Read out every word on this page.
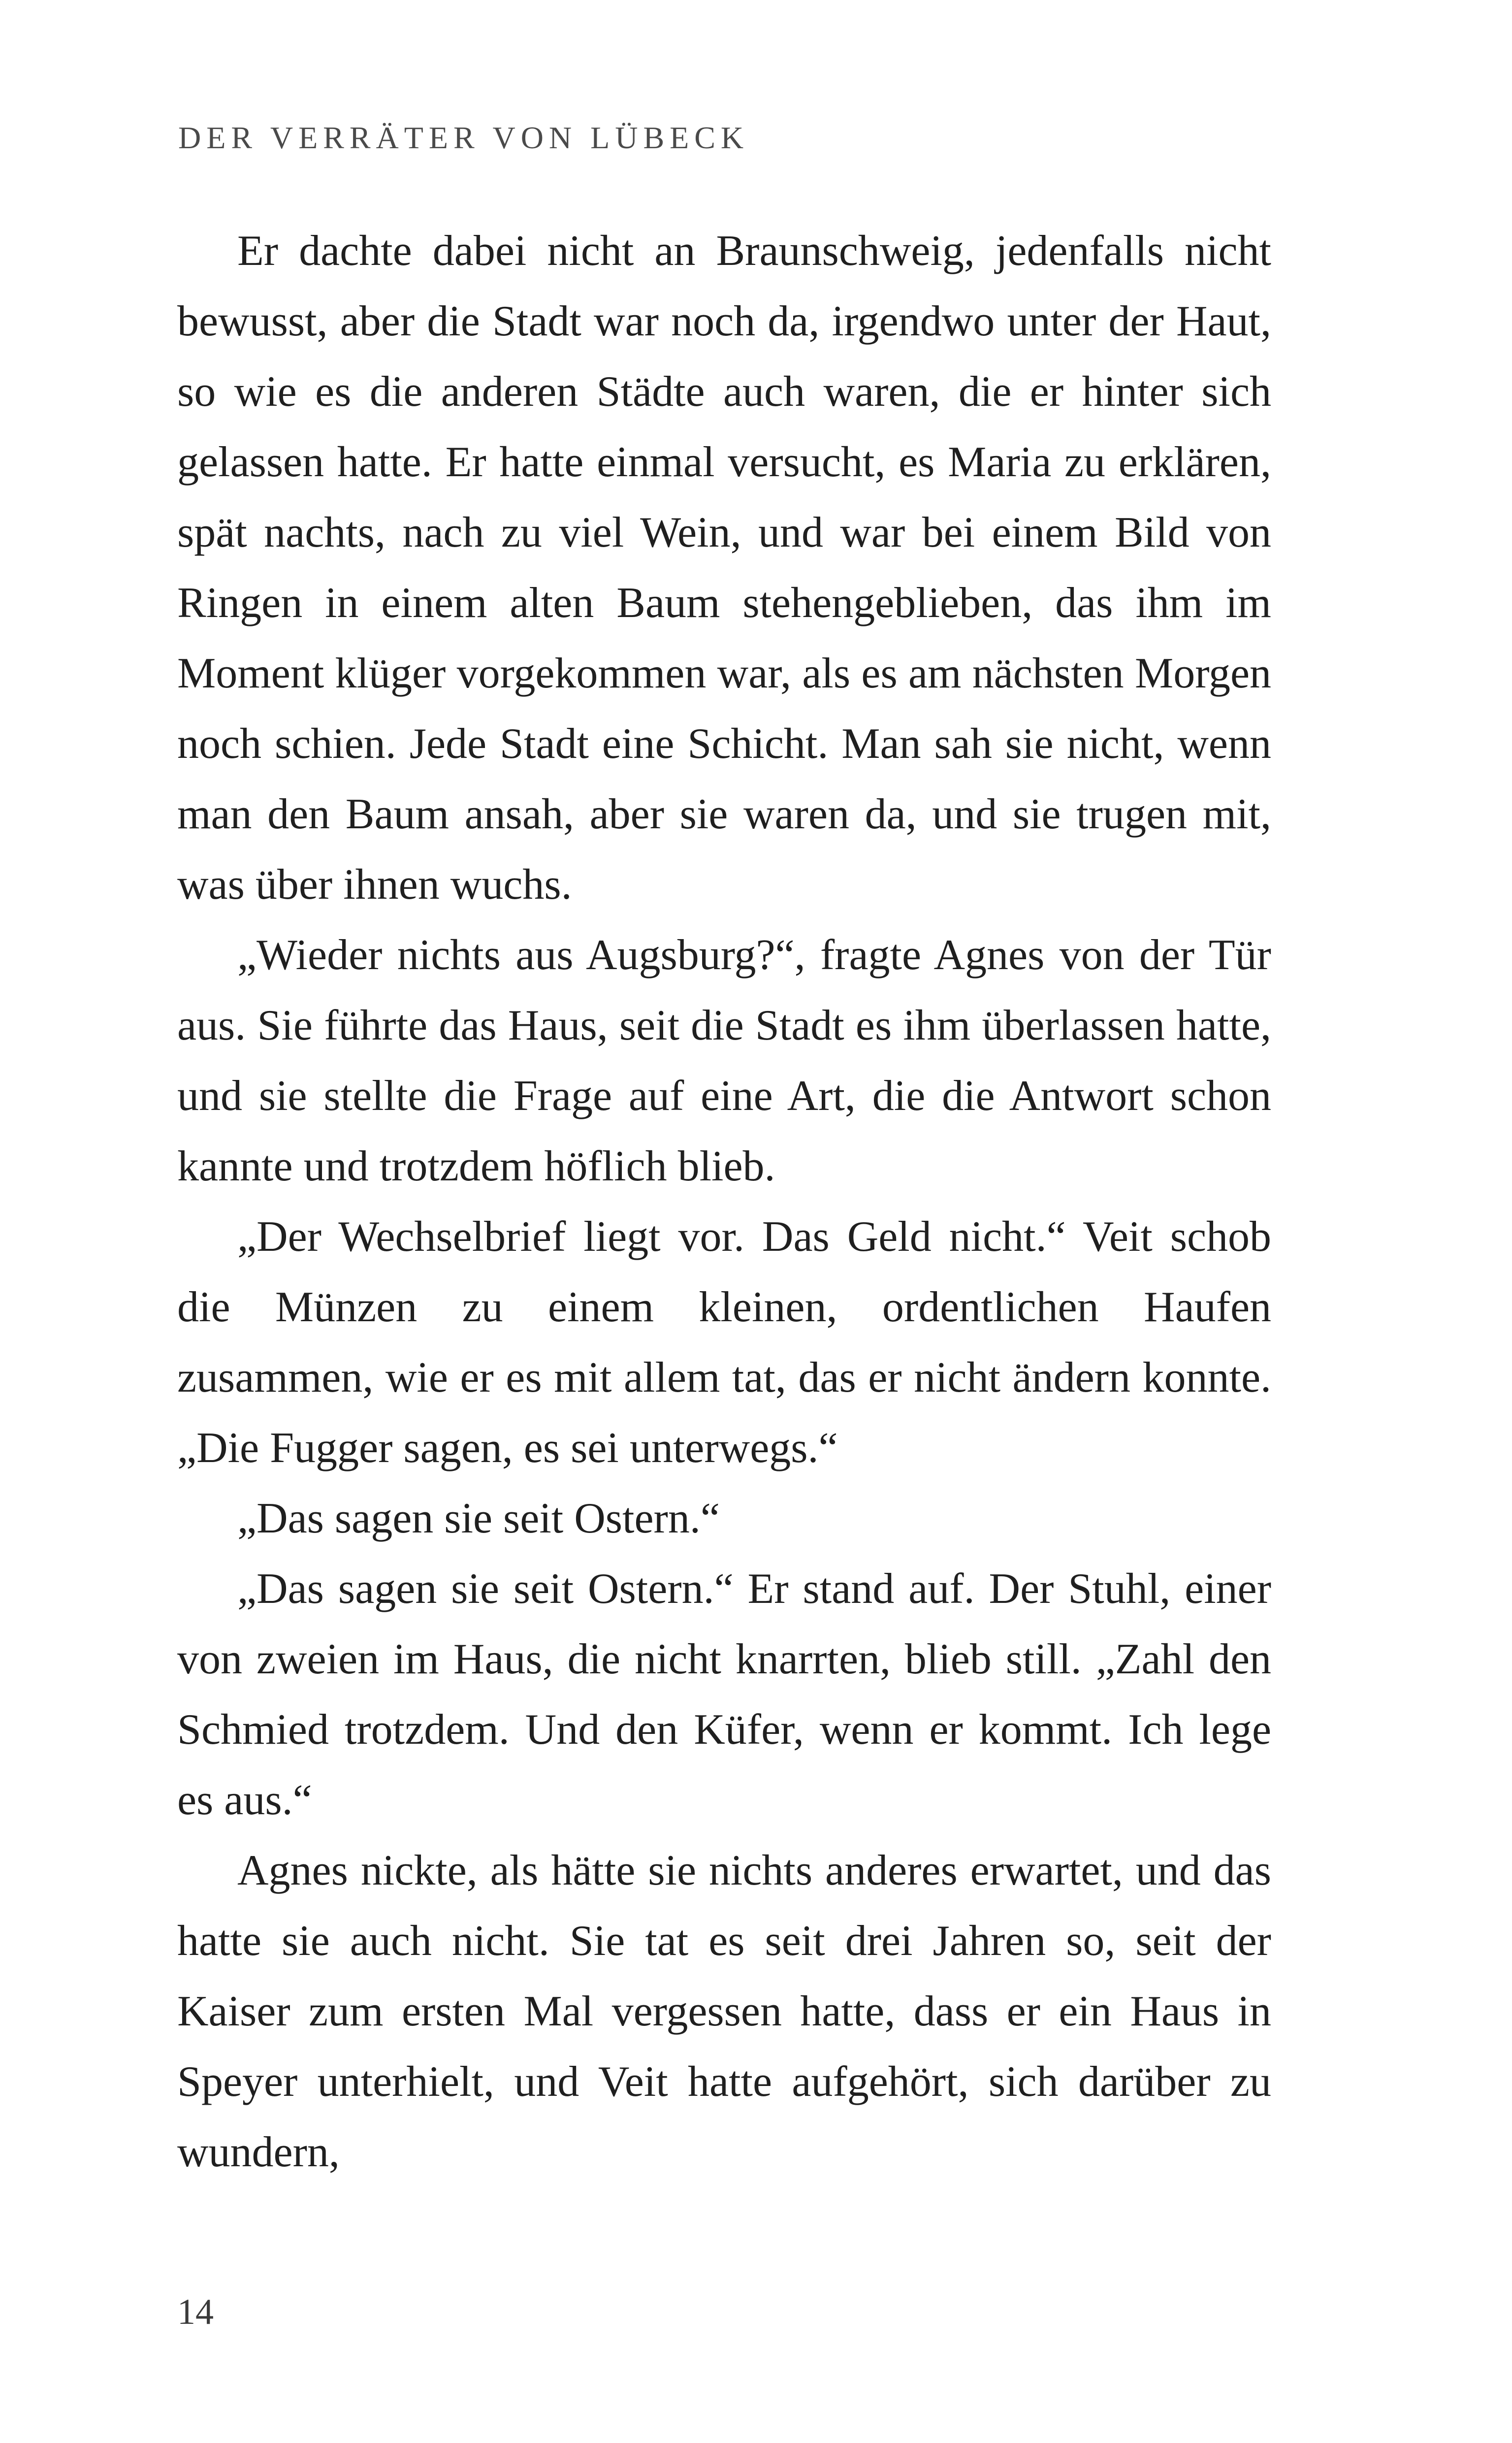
DER VERRÄTER VON LÜBECK

Er dachte dabei nicht an Braunschweig, jedenfalls nicht bewusst, aber die Stadt war noch da, irgendwo unter der Haut, so wie es die anderen Städte auch waren, die er hinter sich gelassen hatte. Er hatte einmal versucht, es Maria zu erklären, spät nachts, nach zu viel Wein, und war bei einem Bild von Ringen in einem alten Baum stehengeblieben, das ihm im Moment klüger vorgekommen war, als es am nächsten Morgen noch schien. Jede Stadt eine Schicht. Man sah sie nicht, wenn man den Baum ansah, aber sie waren da, und sie trugen mit, was über ihnen wuchs.

„Wieder nichts aus Augsburg?“, fragte Agnes von der Tür aus. Sie führte das Haus, seit die Stadt es ihm überlassen hatte, und sie stellte die Frage auf eine Art, die die Antwort schon kannte und trotzdem höflich blieb.

„Der Wechselbrief liegt vor. Das Geld nicht.“ Veit schob die Münzen zu einem kleinen, ordentlichen Haufen zusammen, wie er es mit allem tat, das er nicht ändern konnte. „Die Fugger sagen, es sei unterwegs.“

„Das sagen sie seit Ostern.“

„Das sagen sie seit Ostern.“ Er stand auf. Der Stuhl, einer von zweien im Haus, die nicht knarrten, blieb still. „Zahl den Schmied trotzdem. Und den Küfer, wenn er kommt. Ich lege es aus.“

Agnes nickte, als hätte sie nichts anderes erwartet, und das hatte sie auch nicht. Sie tat es seit drei Jahren so, seit der Kaiser zum ersten Mal vergessen hatte, dass er ein Haus in Speyer unterhielt, und Veit hatte aufgehört, sich darüber zu wundern,

14
